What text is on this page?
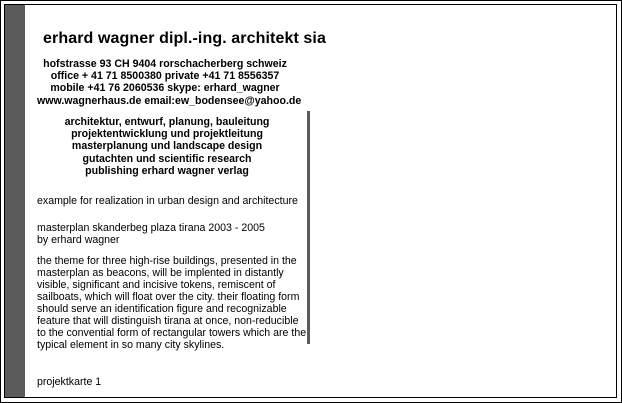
erhard wagner dipl.-ing. architekt sia
hofstrasse 93 CH 9404 rorschacherberg schweiz
office + 41 71 8500380 private +41 71 8556357
mobile +41 76 2060536 skype: erhard_wagner
www.wagnerhaus.de email:ew_bodensee@yahoo.de
architektur, entwurf, planung, bauleitung
projektentwicklung und projektleitung
masterplanung und landscape design
gutachten und scientific research
publishing erhard wagner verlag
example for realization in urban design and architecture
masterplan skanderbeg plaza tirana 2003 - 2005
by erhard wagner
the theme for three high-rise buildings, presented in the
masterplan as beacons, will be implented in distantly
visible, significant and incisive tokens, remiscent of
sailboats, which will float over the city. their floating form
should serve an identification figure and recognizable
feature that will distinguish tirana at once, non-reducible
to the convential form of rectangular towers which are the
typical element in so many city skylines.
projektkarte 1
